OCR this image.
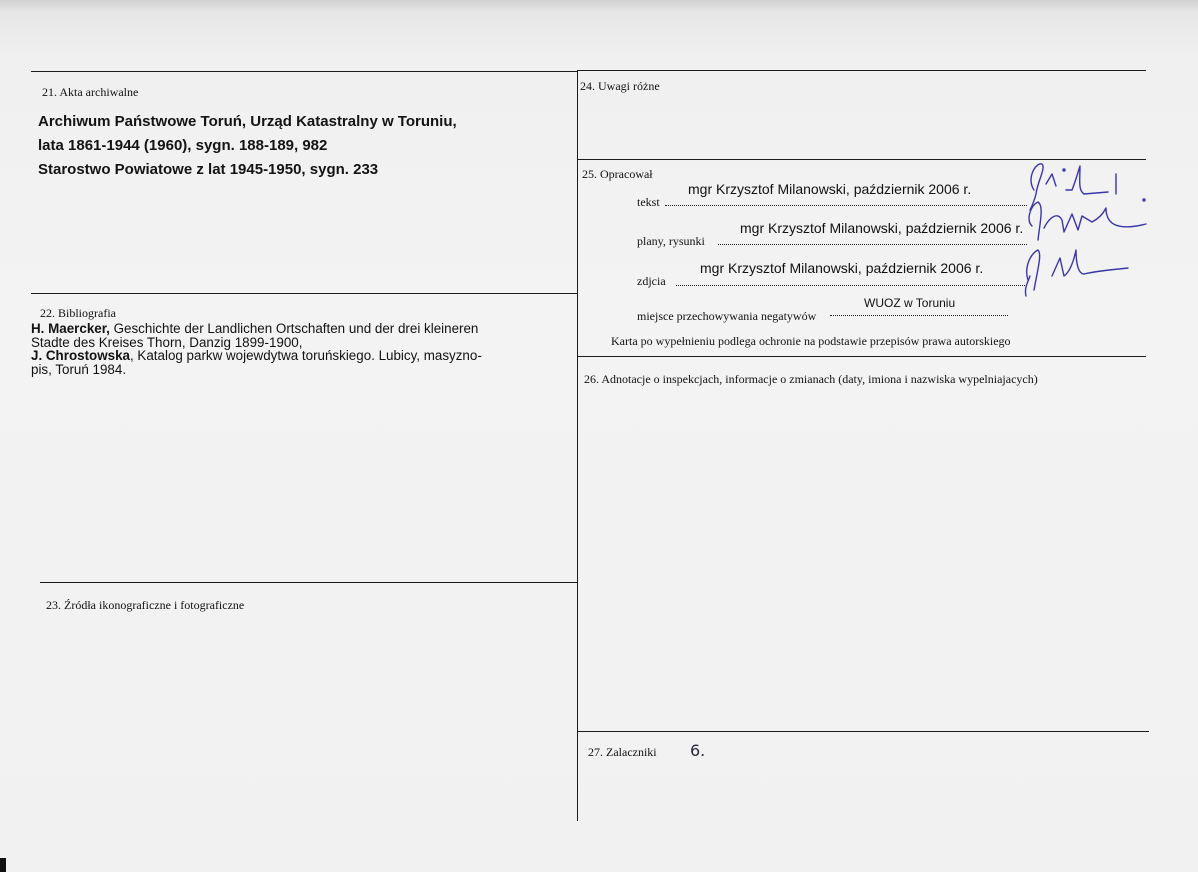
21. Akta archiwalne
Archiwum Państwowe Toruń, Urząd Katastralny w Toruniu,
lata 1861-1944 (1960), sygn. 188-189, 982
Starostwo Powiatowe z lat 1945-1950, sygn. 233
22. Bibliografia
H. Maercker, Geschichte der Landlichen Ortschaften und der drei kleineren
Stadte des Kreises Thorn, Danzig 1899-1900,
J. Chrostowska, Katalog parkw wojewdytwa toruńskiego. Lubicy, masyzno-
pis, Toruń 1984.
23. Źródła ikonograficzne i fotograficzne
24. Uwagi różne
25. Opracował
tekst
mgr Krzysztof Milanowski, październik 2006 r.
plany, rysunki
mgr Krzysztof Milanowski, październik 2006 r.
zdjcia
mgr Krzysztof Milanowski, październik 2006 r.
miejsce przechowywania negatywów
WUOZ w Toruniu
Karta po wypełnieniu podlega ochronie na podstawie przepisów prawa autorskiego
26. Adnotacje o inspekcjach, informacje o zmianach (daty, imiona i nazwiska wypelniajacych)
27. Zalaczniki 6.
